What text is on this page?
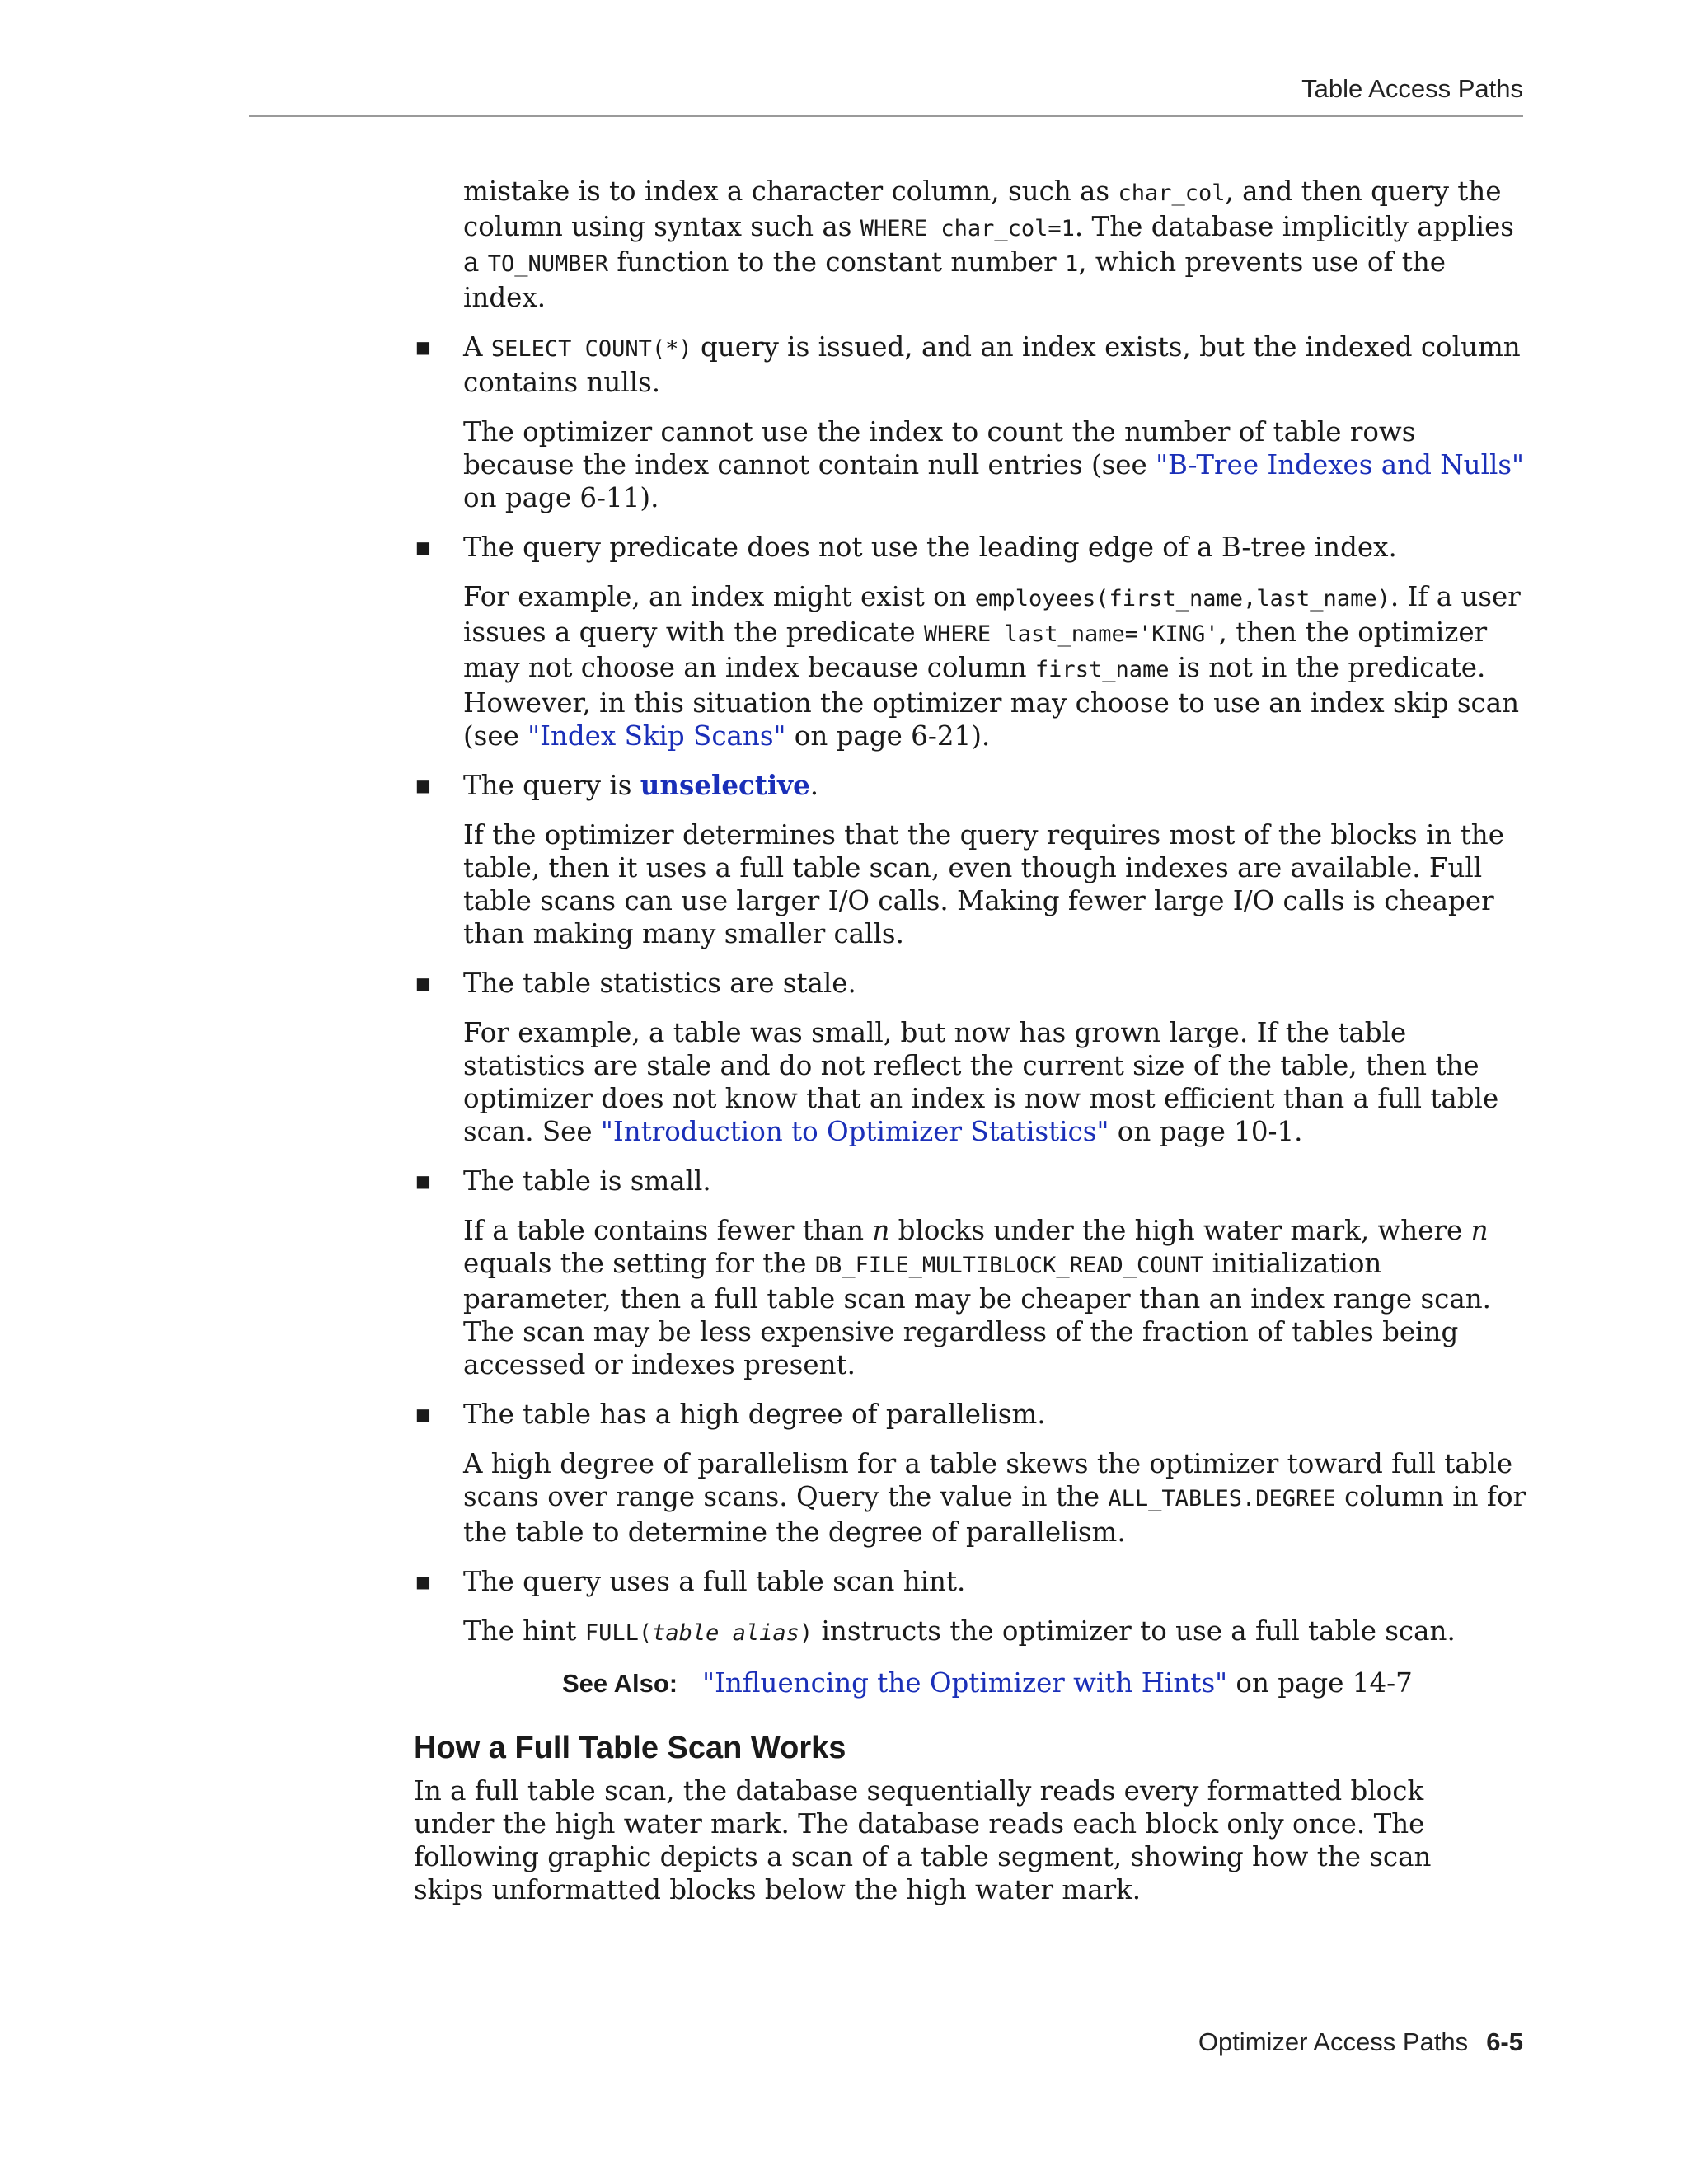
Table Access Paths

mistake is to index a character column, such as char_col, and then query the column using syntax such as WHERE char_col=1. The database implicitly applies a TO_NUMBER function to the constant number 1, which prevents use of the index.

■ A SELECT COUNT(*) query is issued, and an index exists, but the indexed column contains nulls.

The optimizer cannot use the index to count the number of table rows because the index cannot contain null entries (see "B-Tree Indexes and Nulls" on page 6-11).

■ The query predicate does not use the leading edge of a B-tree index.

For example, an index might exist on employees(first_name,last_name). If a user issues a query with the predicate WHERE last_name='KING', then the optimizer may not choose an index because column first_name is not in the predicate. However, in this situation the optimizer may choose to use an index skip scan (see "Index Skip Scans" on page 6-21).

■ The query is unselective.

If the optimizer determines that the query requires most of the blocks in the table, then it uses a full table scan, even though indexes are available. Full table scans can use larger I/O calls. Making fewer large I/O calls is cheaper than making many smaller calls.

■ The table statistics are stale.

For example, a table was small, but now has grown large. If the table statistics are stale and do not reflect the current size of the table, then the optimizer does not know that an index is now most efficient than a full table scan. See "Introduction to Optimizer Statistics" on page 10-1.

■ The table is small.

If a table contains fewer than n blocks under the high water mark, where n equals the setting for the DB_FILE_MULTIBLOCK_READ_COUNT initialization parameter, then a full table scan may be cheaper than an index range scan. The scan may be less expensive regardless of the fraction of tables being accessed or indexes present.

■ The table has a high degree of parallelism.

A high degree of parallelism for a table skews the optimizer toward full table scans over range scans. Query the value in the ALL_TABLES.DEGREE column in for the table to determine the degree of parallelism.

■ The query uses a full table scan hint.

The hint FULL(table alias) instructs the optimizer to use a full table scan.

See Also: "Influencing the Optimizer with Hints" on page 14-7

How a Full Table Scan Works

In a full table scan, the database sequentially reads every formatted block under the high water mark. The database reads each block only once. The following graphic depicts a scan of a table segment, showing how the scan skips unformatted blocks below the high water mark.

Optimizer Access Paths 6-5
